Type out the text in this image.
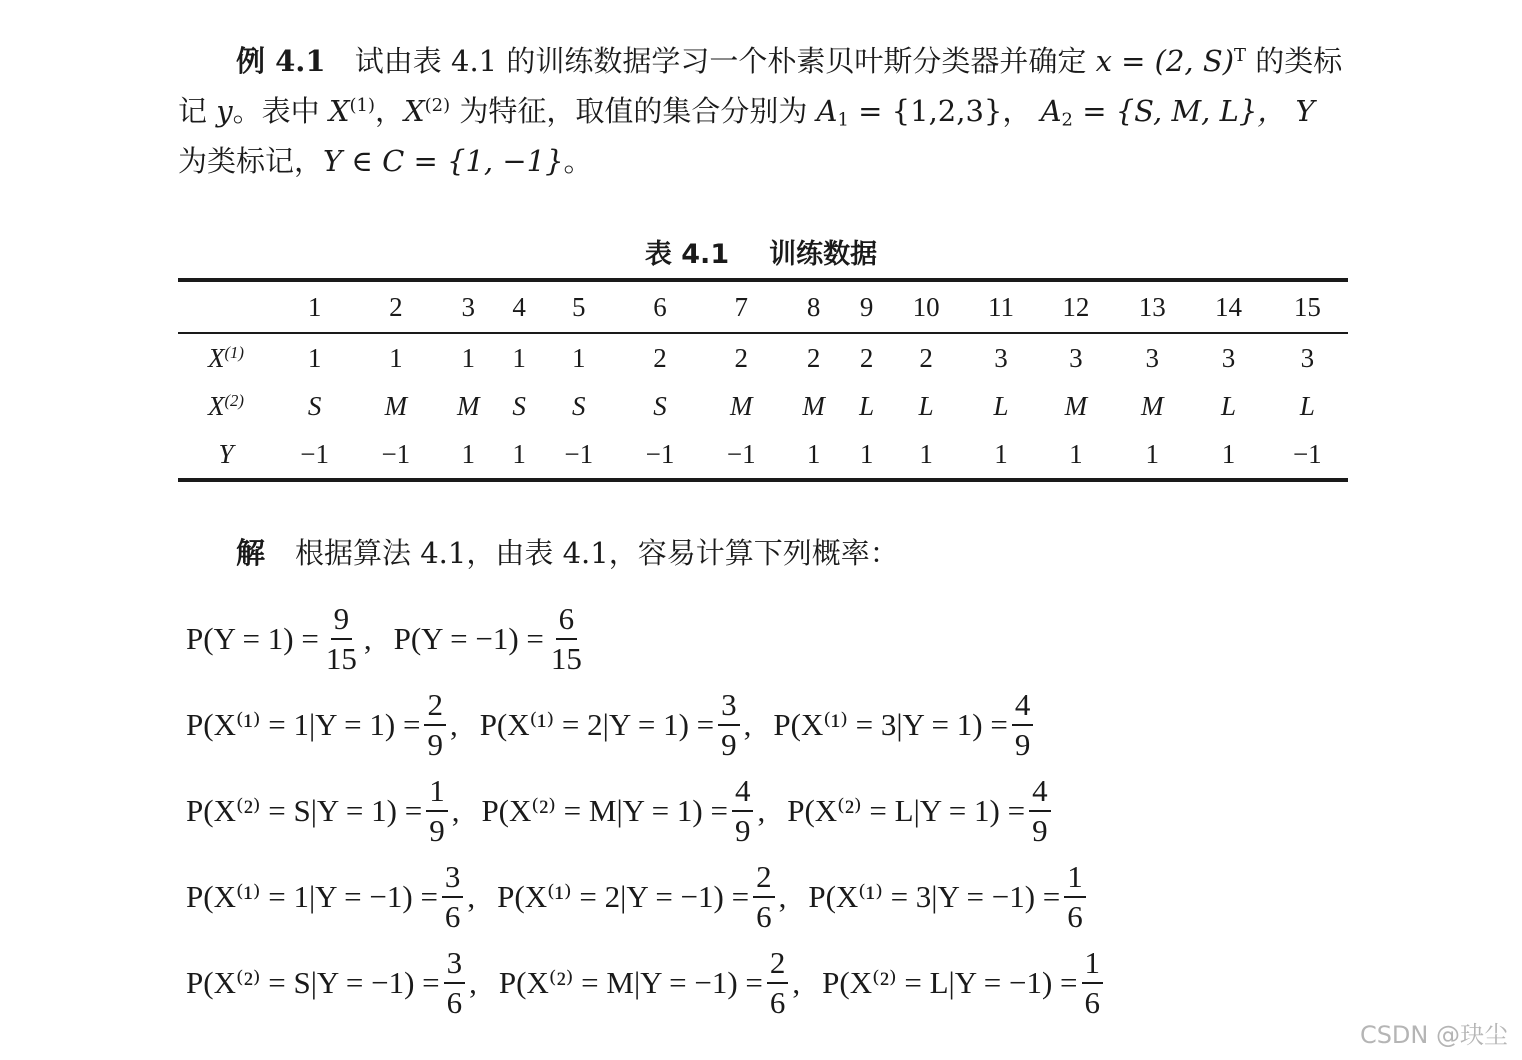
例 4.1 试由表 4.1 的训练数据学习一个朴素贝叶斯分类器并确定 x = (2, S)$^T$ 的类标记 y。表中 $X^{(1)}$，$X^{(2)}$ 为特征，取值的集合分别为 $A_1 = \{1,2,3\}$， $A_2 = \{S$, M, L}， Y 为类标记，Y ∈ C = {1, −1}。
表 4.1 训练数据
	1	2	3	4	5	6	7	8	9	10	11	12	13	14	15
$X^{(1)}$	1	1	1	1	1	2	2	2	2	2	3	3	3	3	3
$X^{(2)}$	S	M	M	S	S	S	M	M	L	L	L	M	M	L	L
Y	−1	−1	1	1	−1	−1	−1	1	1	1	1	1	1	1	−1
解 根据算法 4.1，由表 4.1，容易计算下列概率：
$P(Y = 1) = \frac{9}{15}$ , $P(Y = -1) = \frac{6}{15}$
$P(X^{(1)} = 1|Y = 1) = \frac{2}{9}$ , $P(X^{(1)} = 2|Y = 1) = \frac{3}{9}$ , $P(X^{(1)} = 3|Y = 1) = \frac{4}{9}$
$P(X^{(2)} = S|Y = 1) = \frac{1}{9}$ , $P(X^{(2)} = M|Y = 1) = \frac{4}{9}$ , $P(X^{(2)} = L|Y = 1) = \frac{4}{9}$
$P(X^{(1)} = 1|Y = -1) = \frac{3}{6}$ , $P(X^{(1)} = 2|Y = -1) = \frac{2}{6}$ , $P(X^{(1)} = 3|Y = -1) = \frac{1}{6}$
$P(X^{(2)} = S|Y = -1) = \frac{3}{6}$ , $P(X^{(2)} = M|Y = -1) = \frac{2}{6}$ , $P(X^{(2)} = L|Y = -1) = \frac{1}{6}$
CSDN @玦尘
